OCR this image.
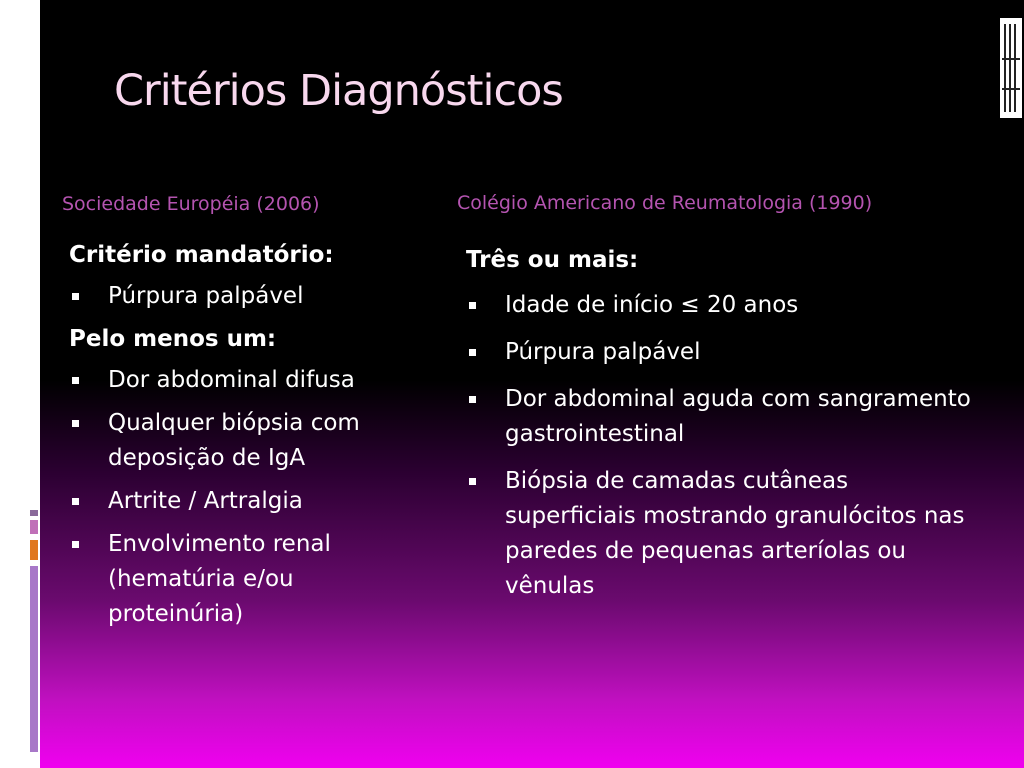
Critérios Diagnósticos
Sociedade Européia (2006)	Colégio Americano de Reumatologia (1990)
Critério mandatório:
Púrpura palpável
Pelo menos um:
Dor abdominal difusa
Qualquer biópsia com deposição de IgA
Artrite / Artralgia
Envolvimento renal (hematúria e/ou proteinúria)
Três ou mais:
Idade de início ≤ 20 anos
Púrpura palpável
Dor abdominal aguda com sangramento gastrointestinal
Biópsia de camadas cutâneas superficiais mostrando granulócitos nas paredes de pequenas arteríolas ou vênulas
